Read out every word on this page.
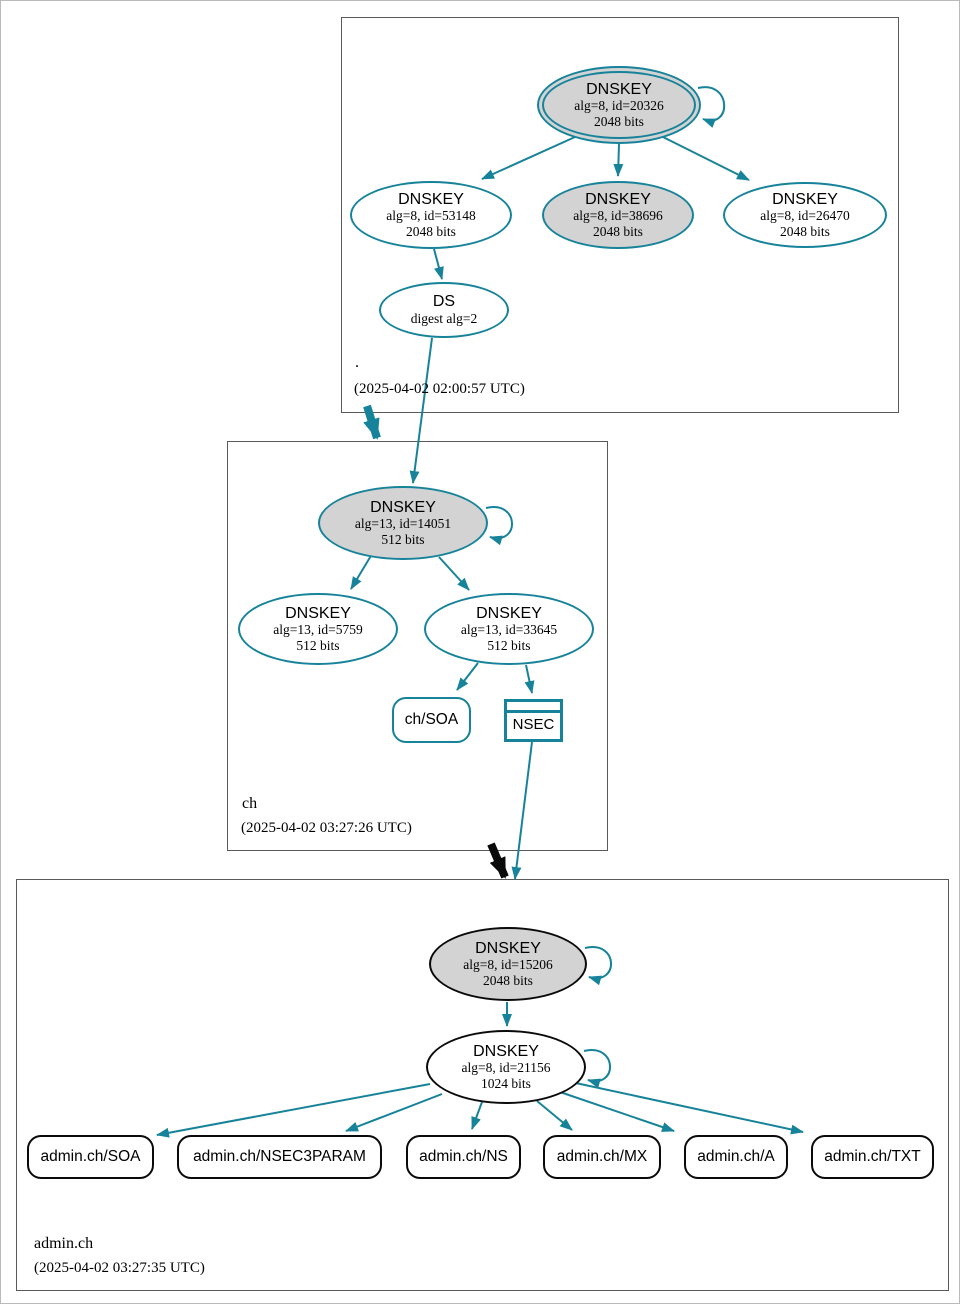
DNSKEY
alg=8, id=20326
2048 bits
DNSKEY
alg=8, id=53148
2048 bits
DNSKEY
alg=8, id=38696
2048 bits
DNSKEY
alg=8, id=26470
2048 bits
DS
digest alg=2
.
(2025-04-02 02:00:57 UTC)
DNSKEY
alg=13, id=14051
512 bits
DNSKEY
alg=13, id=5759
512 bits
DNSKEY
alg=13, id=33645
512 bits
ch/SOA	NSEC
ch
(2025-04-02 03:27:26 UTC)
DNSKEY
alg=8, id=15206
2048 bits
DNSKEY
alg=8, id=21156
1024 bits
admin.ch/SOA	admin.ch/NSEC3PARAM	admin.ch/NS	admin.ch/MX	admin.ch/A	admin.ch/TXT
admin.ch
(2025-04-02 03:27:35 UTC)
